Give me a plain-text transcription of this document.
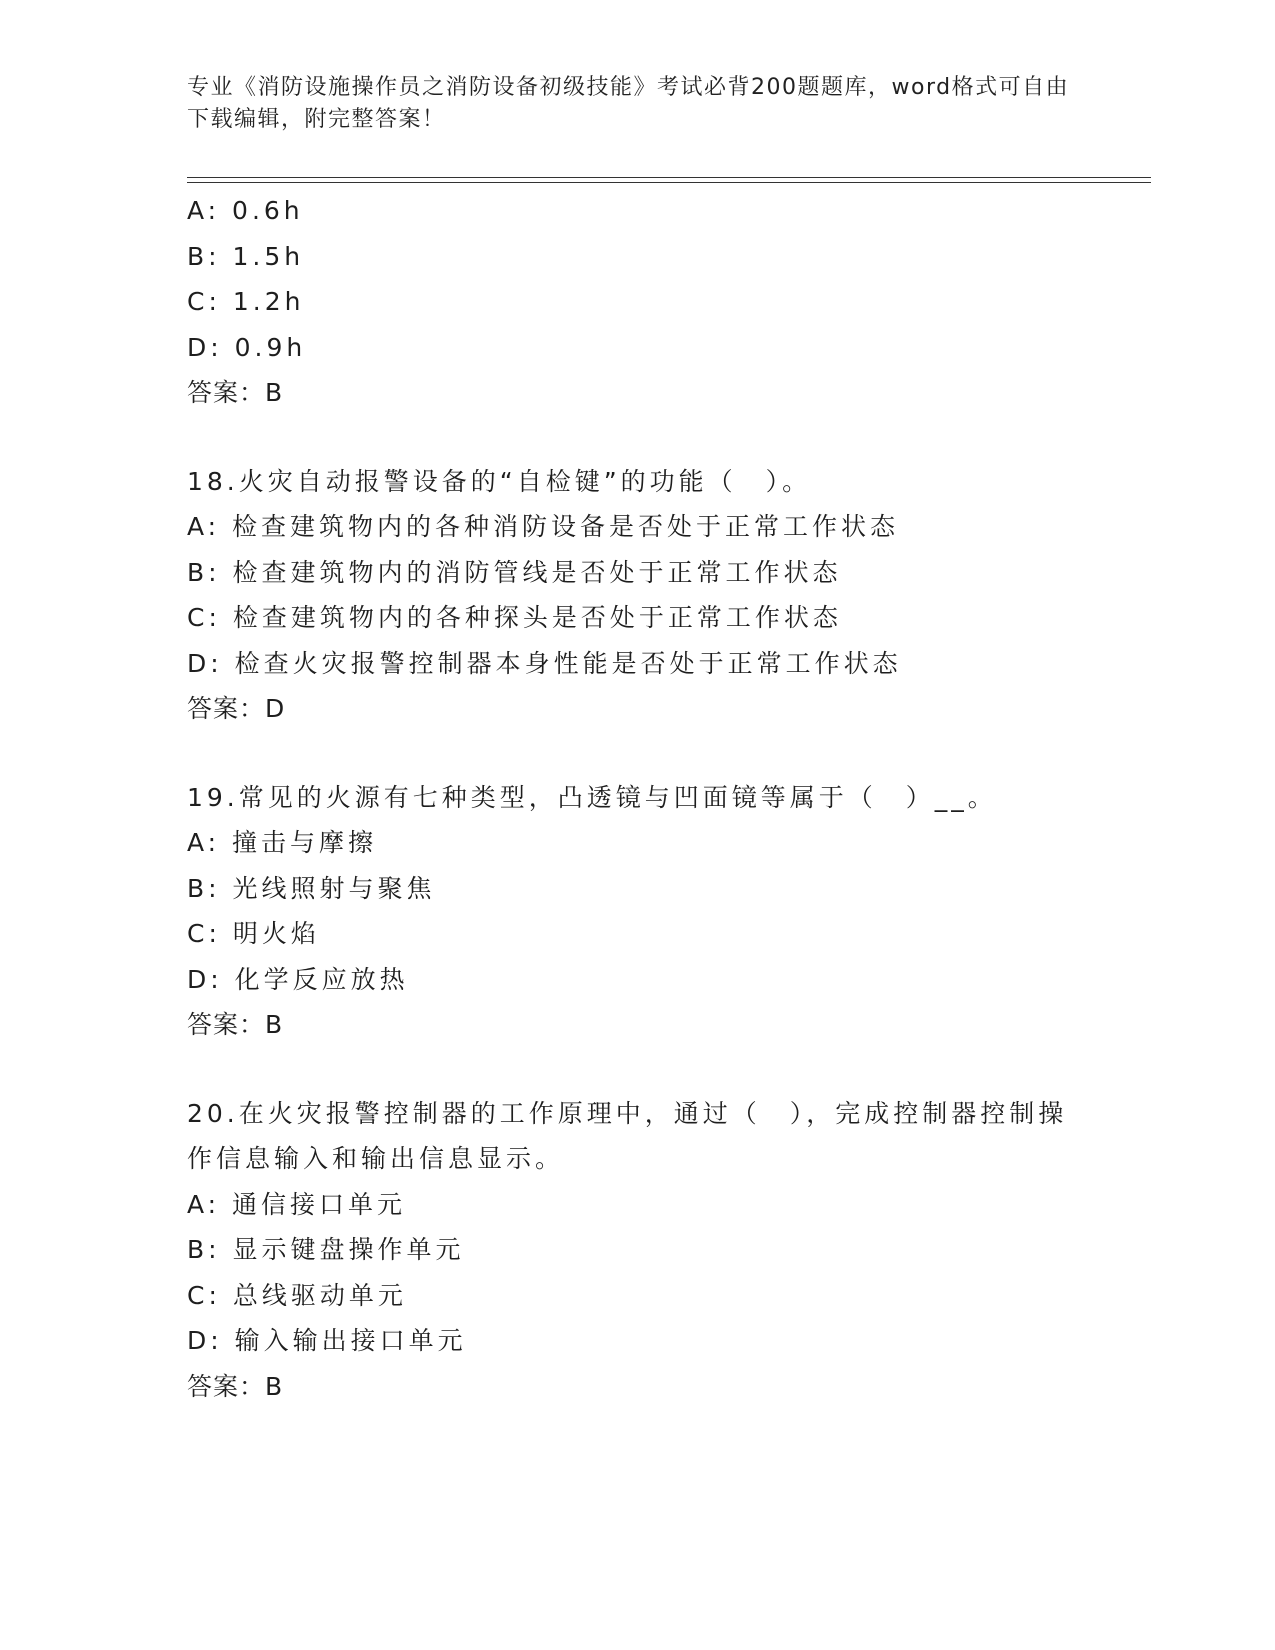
专业《消防设施操作员之消防设备初级技能》考试必背200题题库，word格式可自由下载编辑，附完整答案！
A: 0.6h
B: 1.5h
C: 1.2h
D: 0.9h
答案：B
18.火灾自动报警设备的“自检键”的功能（　）。
A: 检查建筑物内的各种消防设备是否处于正常工作状态
B: 检查建筑物内的消防管线是否处于正常工作状态
C: 检查建筑物内的各种探头是否处于正常工作状态
D: 检查火灾报警控制器本身性能是否处于正常工作状态
答案：D
19.常见的火源有七种类型，凸透镜与凹面镜等属于（　）__。
A: 撞击与摩擦
B: 光线照射与聚焦
C: 明火焰
D: 化学反应放热
答案：B
20.在火灾报警控制器的工作原理中，通过（　），完成控制器控制操作信息输入和输出信息显示。
A: 通信接口单元
B: 显示键盘操作单元
C: 总线驱动单元
D: 输入输出接口单元
答案：B
